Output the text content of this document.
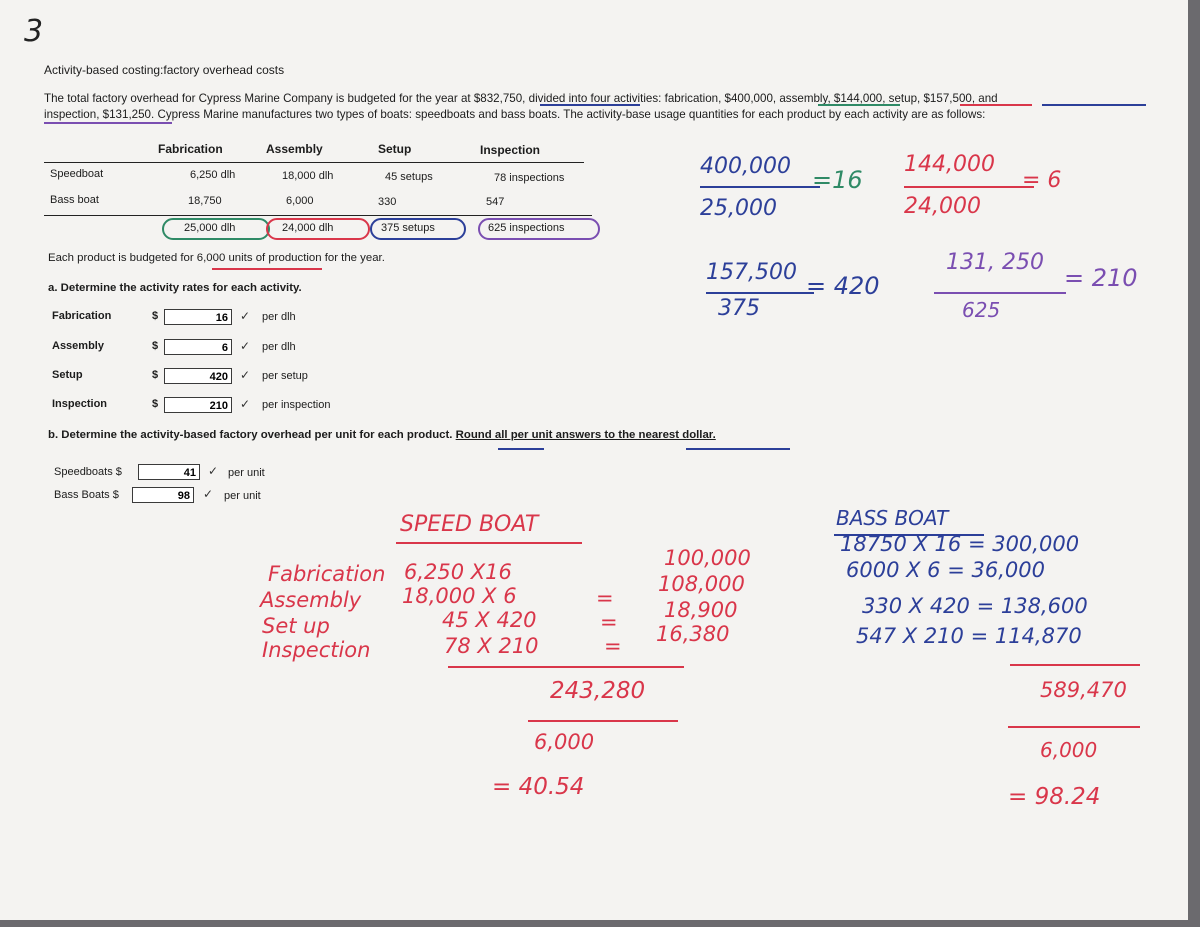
3
Activity-based costing:factory overhead costs
The total factory overhead for Cypress Marine Company is budgeted for the year at $832,750, divided into four activities: fabrication, $400,000, assembly, $144,000, setup, $157,500, and
inspection, $131,250. Cypress Marine manufactures two types of boats: speedboats and bass boats. The activity-base usage quantities for each product by each activity are as follows:
Fabrication	Assembly	Setup	Inspection
Speedboat	6,250 dlh	18,000 dlh	45 setups	78 inspections
Bass boat	18,750	6,000	330	547
25,000 dlh	24,000 dlh	375 setups	625 inspections
Each product is budgeted for 6,000 units of production for the year.
a. Determine the activity rates for each activity.
Fabrication	$	16	✓ per dlh
Assembly	$	6	✓ per dlh
Setup	$	420	✓ per setup
Inspection	$	210	✓ per inspection
b. Determine the activity-based factory overhead per unit for each product. Round all per unit answers to the nearest dollar.
Speedboats $	41	✓ per unit
Bass Boats $	98	✓ per unit
400,000
25,000
=16
144,000
24,000
= 6
157,500
375
= 420
131, 250
625
= 210
SPEED BOAT
Fabrication
Assembly
Set up
Inspection
6,250 X16
18,000 X 6
45 X 420
78 X 210
=
=
=
100,000
108,000
18,900
16,380
243,280
6,000
= 40.54
BASS BOAT
18750 X 16 = 300,000
6000 X 6 = 36,000
330 X 420 = 138,600
547 X 210 = 114,870
589,470
6,000
= 98.24
